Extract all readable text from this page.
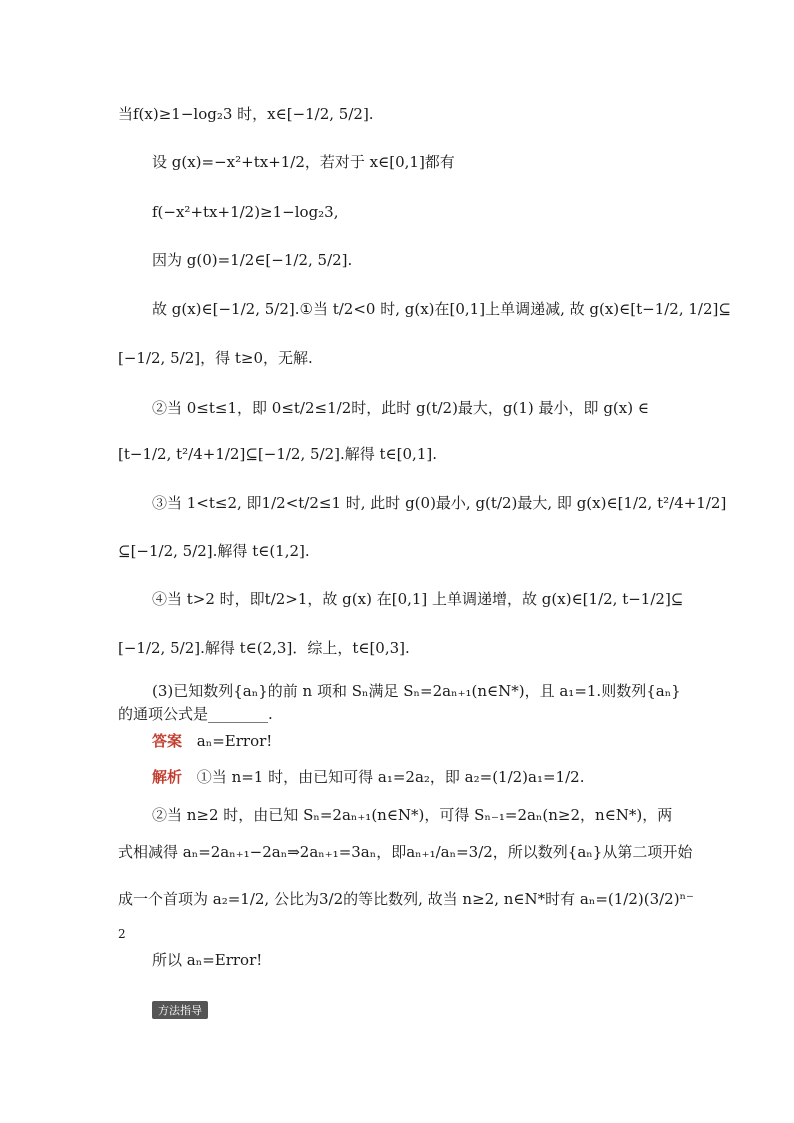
当f(x)≥1−log₂3 时，x∈[−1/2, 5/2].
设 g(x)=−x²+tx+1/2，若对于 x∈[0,1]都有
f(−x²+tx+1/2)≥1−log₂3,
因为 g(0)=1/2∈[−1/2, 5/2].
故 g(x)∈[−1/2, 5/2].①当 t/2<0 时, g(x)在[0,1]上单调递减, 故 g(x)∈[t−1/2, 1/2]⊆
[−1/2, 5/2]，得 t≥0，无解.
②当 0≤t≤1，即 0≤t/2≤1/2时，此时 g(t/2)最大，g(1) 最小，即 g(x) ∈
[t−1/2, t²/4+1/2]⊆[−1/2, 5/2].解得 t∈[0,1].
③当 1<t≤2, 即1/2<t/2≤1 时, 此时 g(0)最小, g(t/2)最大, 即 g(x)∈[1/2, t²/4+1/2]
⊆[−1/2, 5/2].解得 t∈(1,2].
④当 t>2 时，即t/2>1，故 g(x) 在[0,1] 上单调递增，故 g(x)∈[1/2, t−1/2]⊆
[−1/2, 5/2].解得 t∈(2,3]．综上，t∈[0,3].
(3)已知数列{aₙ}的前 n 项和 Sₙ满足 Sₙ=2aₙ₊₁(n∈N*)，且 a₁=1.则数列{aₙ}
的通项公式是________.
答案 aₙ=Error!
解析 ①当 n=1 时，由已知可得 a₁=2a₂，即 a₂=(1/2)a₁=1/2.
②当 n≥2 时，由已知 Sₙ=2aₙ₊₁(n∈N*)，可得 Sₙ₋₁=2aₙ(n≥2，n∈N*)，两
式相减得 aₙ=2aₙ₊₁−2aₙ⇒2aₙ₊₁=3aₙ，即aₙ₊₁/aₙ=3/2，所以数列{aₙ}从第二项开始
成一个首项为 a₂=1/2, 公比为3/2的等比数列, 故当 n≥2, n∈N*时有 aₙ=(1/2)(3/2)ⁿ⁻
2
所以 aₙ=Error!
方法指导
